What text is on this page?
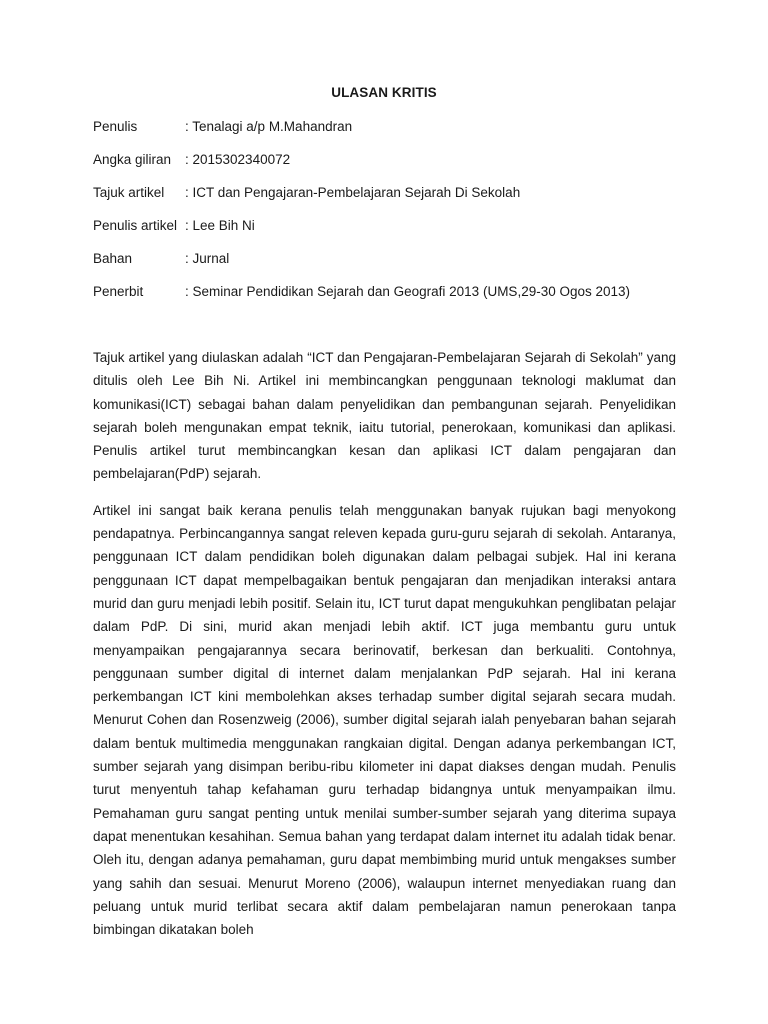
ULASAN KRITIS
Penulis	: Tenalagi a/p M.Mahandran
Angka giliran	: 2015302340072
Tajuk artikel	: ICT dan Pengajaran-Pembelajaran Sejarah Di Sekolah
Penulis artikel : Lee Bih Ni
Bahan	: Jurnal
Penerbit	: Seminar Pendidikan Sejarah dan Geografi 2013 (UMS,29-30 Ogos 2013)

Tajuk artikel yang diulaskan adalah “ICT dan Pengajaran-Pembelajaran Sejarah di Sekolah” yang ditulis oleh Lee Bih Ni. Artikel ini membincangkan penggunaan teknologi maklumat dan komunikasi(ICT) sebagai bahan dalam penyelidikan dan pembangunan sejarah. Penyelidikan sejarah boleh mengunakan empat teknik, iaitu tutorial, penerokaan, komunikasi dan aplikasi. Penulis artikel turut membincangkan kesan dan aplikasi ICT dalam pengajaran dan pembelajaran(PdP) sejarah.

Artikel ini sangat baik kerana penulis telah menggunakan banyak rujukan bagi menyokong pendapatnya. Perbincangannya sangat releven kepada guru-guru sejarah di sekolah. Antaranya, penggunaan ICT dalam pendidikan boleh digunakan dalam pelbagai subjek. Hal ini kerana penggunaan ICT dapat mempelbagaikan bentuk pengajaran dan menjadikan interaksi antara murid dan guru menjadi lebih positif. Selain itu, ICT turut dapat mengukuhkan penglibatan pelajar dalam PdP. Di sini, murid akan menjadi lebih aktif. ICT juga membantu guru untuk menyampaikan pengajarannya secara berinovatif, berkesan dan berkualiti. Contohnya, penggunaan sumber digital di internet dalam menjalankan PdP sejarah. Hal ini kerana perkembangan ICT kini membolehkan akses terhadap sumber digital sejarah secara mudah. Menurut Cohen dan Rosenzweig (2006), sumber digital sejarah ialah penyebaran bahan sejarah dalam bentuk multimedia menggunakan rangkaian digital. Dengan adanya perkembangan ICT, sumber sejarah yang disimpan beribu-ribu kilometer ini dapat diakses dengan mudah. Penulis turut menyentuh tahap kefahaman guru terhadap bidangnya untuk menyampaikan ilmu. Pemahaman guru sangat penting untuk menilai sumber-sumber sejarah yang diterima supaya dapat menentukan kesahihan. Semua bahan yang terdapat dalam internet itu adalah tidak benar. Oleh itu, dengan adanya pemahaman, guru dapat membimbing murid untuk mengakses sumber yang sahih dan sesuai. Menurut Moreno (2006), walaupun internet menyediakan ruang dan peluang untuk murid terlibat secara aktif dalam pembelajaran namun penerokaan tanpa bimbingan dikatakan boleh
